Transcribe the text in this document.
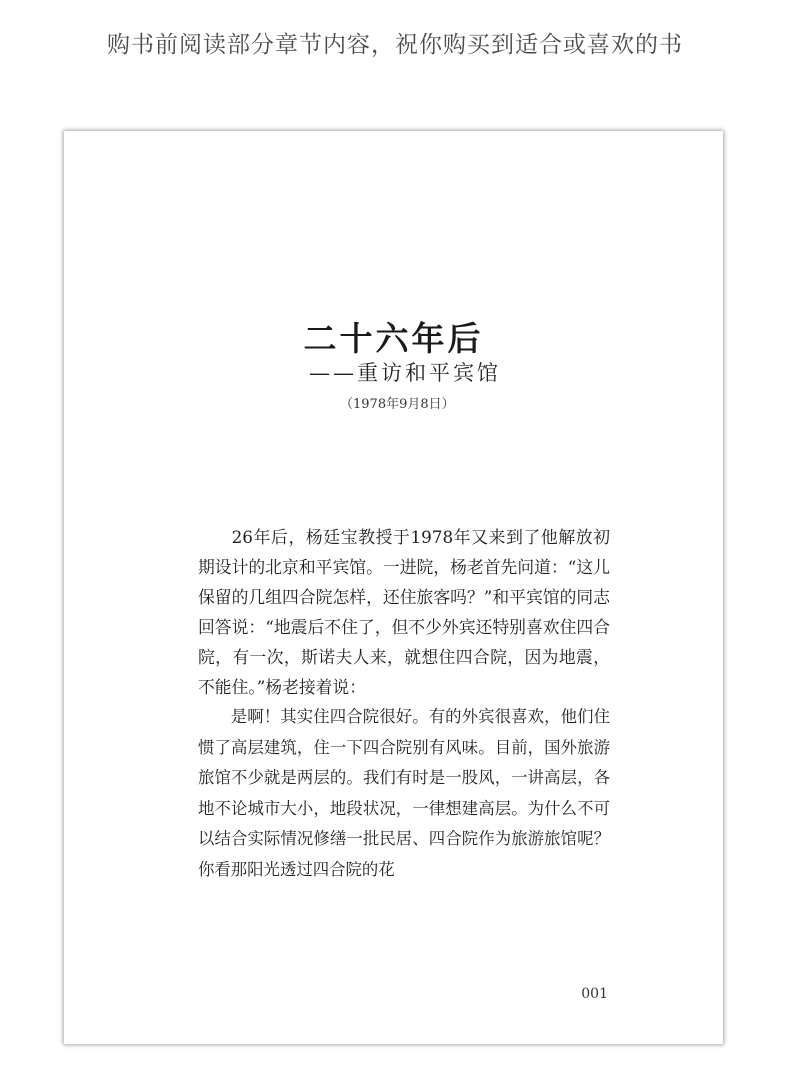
购书前阅读部分章节内容，祝你购买到适合或喜欢的书
二十六年后
——重访和平宾馆
（1978年9月8日）

26年后，杨廷宝教授于1978年又来到了他解放初期设计的北京和平宾馆。一进院，杨老首先问道：“这儿保留的几组四合院怎样，还住旅客吗？”和平宾馆的同志回答说：“地震后不住了，但不少外宾还特别喜欢住四合院，有一次，斯诺夫人来，就想住四合院，因为地震，不能住。”杨老接着说：

是啊！其实住四合院很好。有的外宾很喜欢，他们住惯了高层建筑，住一下四合院别有风味。目前，国外旅游旅馆不少就是两层的。我们有时是一股风，一讲高层，各地不论城市大小，地段状况，一律想建高层。为什么不可以结合实际情况修缮一批民居、四合院作为旅游旅馆呢？你看那阳光透过四合院的花

001
